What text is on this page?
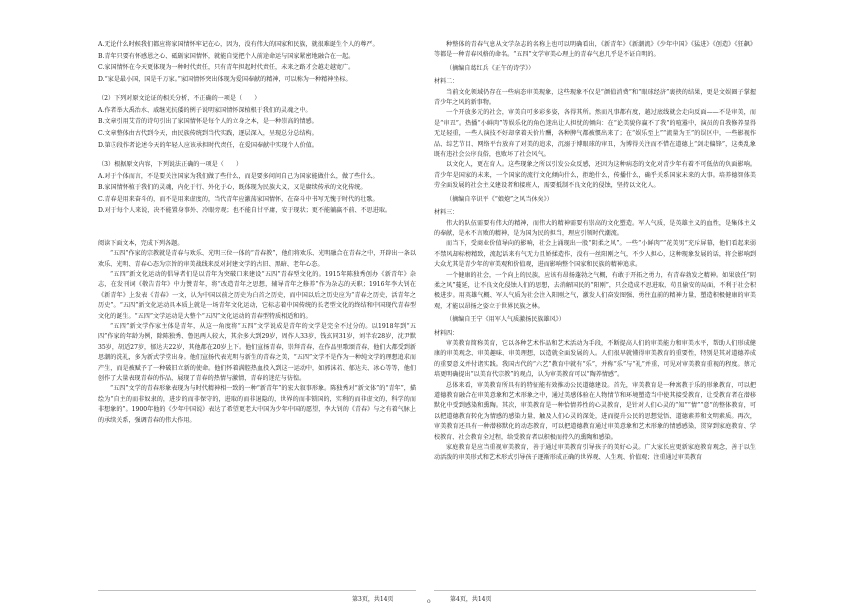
A.无论什么时候我们都应将家国情怀牢记在心，因为，没有伟大的国家和民族，就很难诞生个人的尊严。

B.青年只要有怀感恩之心、砥砺家国情怀，就能自觉把个人前途命运与国家紧密地融合在一起。

C.家国情怀在今天更体现为一种时代责任，只有青年担起时代责任，未来之路才会越走越宽广。

D.“家是最小国，国是千万家。”家国情怀突出体现为爱国奉献的精神，可以称为一种精神坐标。

（2）下列对原文论证的相关分析，不正确的一项是（　　）

A.作者举大禹治水、戚继光抗倭的例子说明家国情怀深植根于我们的灵魂之中。

B.文章引用艾青的诗句引出了家国情怀是每个人的立身之本，是一种崇高的情感。

C.文章整体由古代到今天，由民族传统到当代实践，逐层深入，呈现总分总结构。

D.第⑤段作者论述今天的年轻人应该承担时代责任，在爱国奉献中实现个人价值。

（3）根据原文内容，下列说法正确的一项是（　　）

A.对于个体而言，不是要关注国家为我们做了些什么，而是要多问问自己为国家能做什么，做了些什么。

B.家国情怀植于我们的灵魂，内化于行、外化于心，既体现为民族大义，又是赓续传承的文化传统。

C.青春是用来奋斗的，而不是用来虚度的，当代青年应激荡家国情怀，在奋斗中书写无愧于时代的壮歌。

D.对于每个人来说，决不能置身事外、冷眼旁观；也不能自甘平庸，安于现状；更不能躺赢不前、不思进取。

阅读下面文本，完成下列各题。

“五四”作家的宗教就是青春与欢乐、光明三位一体的“青春教”，他们将欢乐、光明融合在青春之中，开辟出一条以欢乐、光明、青春心态为宗旨的审美战线来反对封建文学的古旧、黑暗、老年心态。

“五四”新文化运动的倡导者们是以青年为突破口来建设“五四”青春型文化的。1915年陈独秀创办《新青年》杂志，在发刊词《敬告青年》中力赞青年，将“改造青年之思想，辅导青年之修养”作为杂志的天职；1916年李大钊在《新青年》上发表《青春》一文，认为中国以前之历史为白首之历史，而中国以后之历史应为“青春之历史，活青年之历史”。“五四”新文化运动具本质上就是一场青年文化运动，它标志着中国传统的长老型文化的终结和中国现代青春型文化的诞生。“五四”文学运动是大整个“五四”文化运动的青春型特质相适和的。

“五四”新文学作家主体是青年，从这一角度将“五四”文学说成是青年的文学是完全不过分的。以1918年到“五四”作家的年龄为例，除陈独秀、鲁迅两人较大，其余多大到29岁，周作人33岁，钱玄同31岁，刘半农28岁，沈尹默35岁，胡适27岁，郁达夫22岁，其他都在20岁上下。他们宣扬青春，崇拜青春，在作品里歌颂青春，他们大都受到新思潮的洗礼，多为新式学堂出身。他们宣扬代表光明与新生的青春之美，“五四”文学不是作为一种纯文学的理想追求而产生，而是被赋予了一种破旧立新的使命。他们怀着满腔热血投入到这一运动中，如郭沫若、郁达夫、冰心等等，他们创作了大量表现青春的作品，展现了青春的热情与激情，青春的迷茫与彷徨。

“五四”文学的青春形象表现为与时代精神相一致的一种“新青年”的宏大叙事形象。陈独秀对“新文体”的“青年”，描绘为“自主的而非奴隶的，进步的而非保守的，进取的而非退隐的，世界的而非锁国的，实利的而非虚文的，科学的而非想象的”。1900年他的《少年中国说》表达了希望更老大中国为少年中国的愿望，李大钊的《青春》与之有着气脉上的承续关系，强调青春的伟大作用。

第3页，共14页	o

种整体的青春气息从文学杂志的名称上也可以明确看出，《新青年》《新潮流》《少年中国》《猛进》《创造》《狂飙》等都是一种青春风格的命名。“五四”文学审美心理上的青春气息几乎是不证自明的。

（摘编自葛红兵《正午的诗学》）

材料二：

当前文化领域仍存在一些病态审美现象，这些现象不仅是“颜值消费”和“眼球经济”裹挟的结果，更是文娱圈子掌握青少年之风的新事物。

一个开放多元的社会，审美自可多彩多姿，各得其所。然而凡事都有度，越过底线就会走向反面——不是审美，而是“审丑”。热播“小鲜肉”等娱乐化的角色迷出让人担忧的倾向：在“论美貌你赢不了我”的喧嚣中，演员的自我修养显得无足轻重，一些人演技不好却拿着天价片酬，各种脾气都被惯出来了；在“娱乐至上”“流量为王”的误区中，一些影视作品、综艺节目、网络平台放弃了对美的追求，沉溺于博眼球的审丑，为博得关注而不惜在道德上“剑走偏锋”，这类乱象既有违社会公序良俗，也败坏了社会风气。

以文化人，更在育人。这些现象之所以引发公众反感，还因为这种病态的文化对青少年有着不可低估的负面影响。青少年是国家的未来，一个国家的流行文化倾向什么，拒绝什么，传播什么，确乎关系国家未来的大事。培养德智体美劳全面发展的社会主义建设者和接班人，需要抵制不良文化的侵蚀，坚持以文化人。

（摘编自辛识平《“娘炮”之风当休矣》）

材料三：

伟大的队伍需要有伟大的精神，而伟大的精神需要有崇高的文化塑造。军人气质，是英雄主义的血性，是集体主义的奉献，是永不言败的精神，是为国为民的担当，理应引领时代潮流。

而当下，受商业价值导向的影响，社会上涌现出一股“阴柔之风”。一些“小鲜肉”“花美男”充斥屏幕，他们看起来弱不禁风却标榜精致，流起话来有气无力且娇揉造作，没有一丝阳刚之气，不少人担心，这种现象发展的话，将会影响到大众尤其是青少年的审美观和价值观，进而影响整个国家和民族的精神追求。

一个健康的社会，一个向上的民族，应该有昂扬蓬勃之气概，有敢于开拓之勇力，有青春勃发之精神。如果放任“阴柔之风”蔓延，让不良文化侵蚀人们的思想，去消解国民的“阳刚”，只会造成不思进取，苟且偷安的局面，不利于社会积极进步。用英雄气概、军人气质为社会注入阳刚之气，激发人们奋发图强、勇往直前的精神力量，塑造积极健康的审美观，才能以昂扬之姿立于世界民族之林。

（摘编自王宁《用军人气质激扬民族雄风》）

材料四：

审美教育简称美育，它以各种艺术作品和艺术活动为手段，不断提高人们的审美能力和审美水平，帮助人们形成健康的审美观念、审美趣味、审美理想，以造就全面发展的人。人们很早就懂得审美教育的重要性，特别是其对道德养成的重要意义并付诸实践。我国古代的“六艺”教育中就有“乐”，并称“乐”与“礼”并重，可见对审美教育重视的程度。蔡元培更明确提出“以美育代宗教”的观点，认为审美教育可以“陶养情感”。

总体来看，审美教育所具有的特征能有效推动公民道德建设。首先，审美教育是一种寓教于乐的形象教育，可以把道德教育融合在审美意象和艺术形象之中，通过美感体验在人物情节和环境塑造当中使其接受教育，让受教育者在潜移默化中受到感染和熏陶。其次，审美教育是一种恰情养性的心灵教育，是针对人们心灵的“知”“情”“意”的整体教育，可以把道德教育转化为情感的感染力量，触及人们心灵的深处，进而提升公民的思想觉悟、道德素养和文明素质。再次，审美教育还具有一种潜移默化的动态教育，可以把道德教育通过审美意象和艺术形象的情感感染，贯穿到家庭教育、学校教育、社会教育全过程，给受教育者以积极而持久的熏陶和感染。

家庭教育是应当重视审美教育，善于通过审美教育引导孩子的美好心灵。广大家长应更新家庭教育观念，善于以生动活泼的审美形式和艺术形式引导孩子逐渐形成正确的世界观、人生观、价值观；注重通过审美教育

第4页，共14页
